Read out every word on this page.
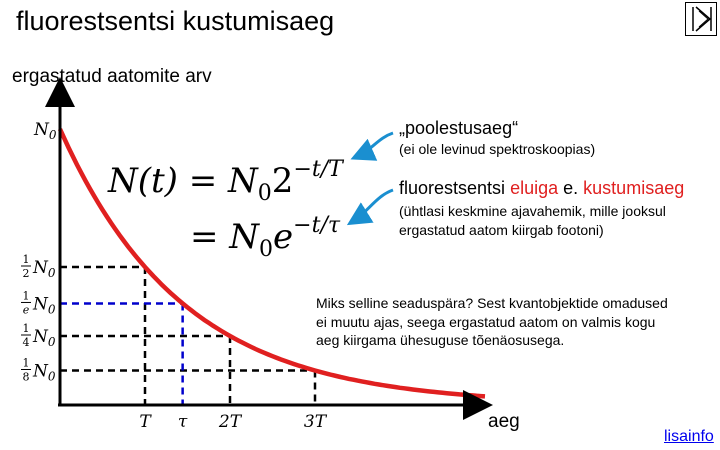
fluorestsentsi kustumisaeg
ergastatud aatomite arv
$N_0$
1
2 $N_0$
1
e $N_0$
1
4 $N_0$
1
8 $N_0$
T τ 2T	3T
$N(t) = N_02^{-t/T}$
= $N_0e^{-t/\tau}$
„poolestusaeg“
(ei ole levinud spektroskoopias)
fluorestsentsi eluiga e. kustumisaeg
(ühtlasi keskmine ajavahemik, mille jooksul
ergastatud aatom kiirgab footoni)
Miks selline seaduspära? Sest kvantobjektide omadused
ei muutu ajas, seega ergastatud aatom on valmis kogu
aeg kiirgama ühesuguse tõenäosusega.
aeg
lisainfo
